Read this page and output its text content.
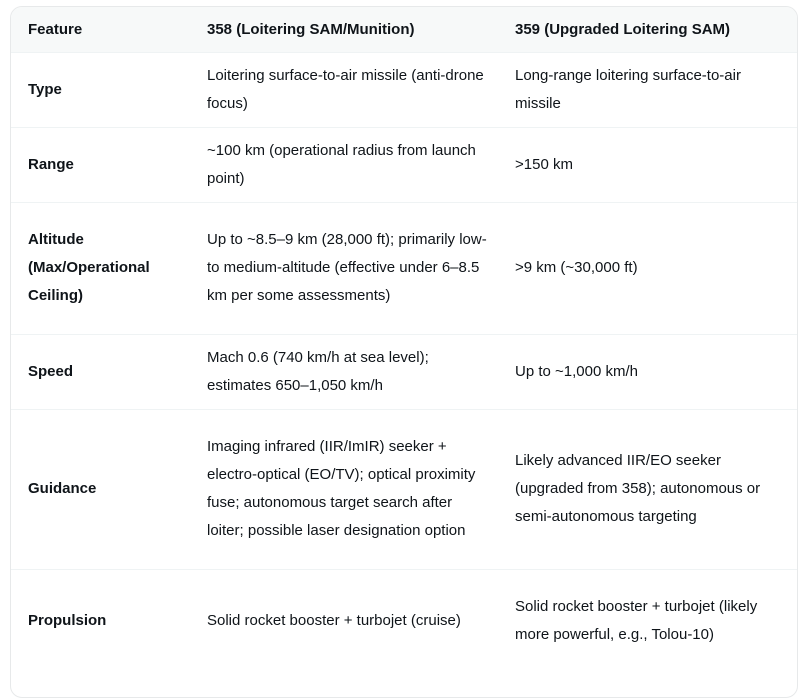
Feature	358 (Loitering SAM/Munition)	359 (Upgraded Loitering SAM)
Type	Loitering surface-to-air missile (anti-drone focus)	Long-range loitering surface-to-air missile
Range	~100 km (operational radius from launch point)	>150 km
Altitude (Max/Operational Ceiling)	Up to ~8.5–9 km (28,000 ft); primarily low- to medium-altitude (effective under 6–8.5 km per some assessments)	>9 km (~30,000 ft)
Speed	Mach 0.6 (740 km/h at sea level); estimates 650–1,050 km/h	Up to ~1,000 km/h
Guidance	Imaging infrared (IIR/ImIR) seeker + electro-optical (EO/TV); optical proximity fuse; autonomous target search after loiter; possible laser designation option	Likely advanced IIR/EO seeker (upgraded from 358); autonomous or semi-autonomous targeting
Propulsion	Solid rocket booster + turbojet (cruise)	Solid rocket booster + turbojet (likely more powerful, e.g., Tolou-10)
